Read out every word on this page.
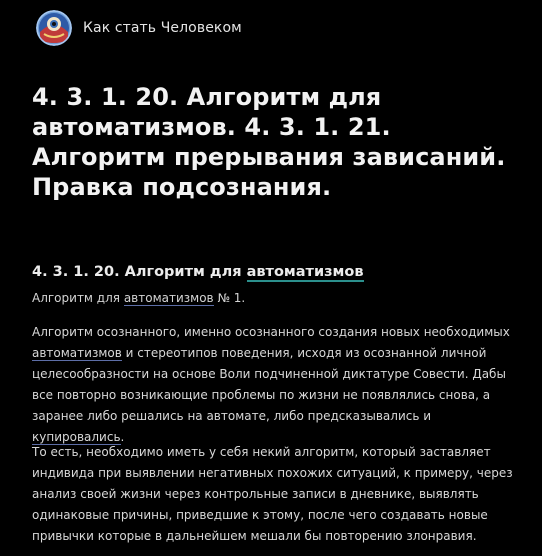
Как стать Человеком
4. 3. 1. 20. Алгоритм для автоматизмов. 4. 3. 1. 21. Алгоритм прерывания зависаний. Правка подсознания.
4. 3. 1. 20. Алгоритм для автоматизмов
Алгоритм для автоматизмов № 1.

Алгоритм осознанного, именно осознанного создания новых необходимых автоматизмов и стереотипов поведения, исходя из осознанной личной целесообразности на основе Воли подчиненной диктатуре Совести. Дабы все повторно возникающие проблемы по жизни не появлялись снова, а заранее либо решались на автомате, либо предсказывались и купировались.

То есть, необходимо иметь у себя некий алгоритм, который заставляет индивида при выявлении негативных похожих ситуаций, к примеру, через анализ своей жизни через контрольные записи в дневнике, выявлять одинаковые причины, приведшие к этому, после чего создавать новые привычки которые в дальнейшем мешали бы повторению злонравия.
